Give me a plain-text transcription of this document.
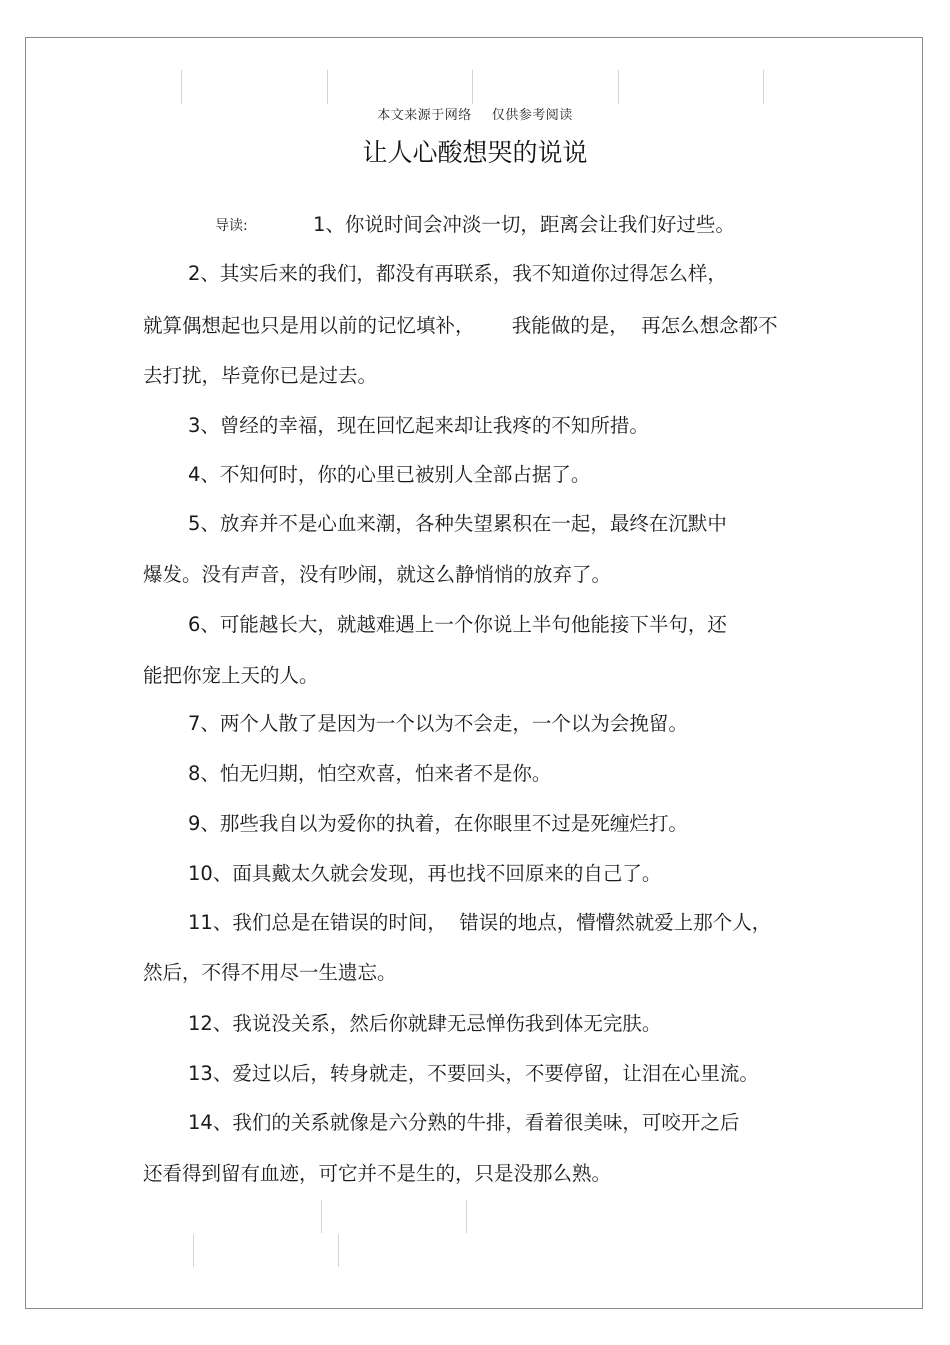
本文来源于网络 仅供参考阅读
让人心酸想哭的说说
导读:	1、你说时间会冲淡一切，距离会让我们好过些。
2、其实后来的我们，都没有再联系，我不知道你过得怎么样，
就算偶想起也只是用以前的记忆填补，      我能做的是，  再怎么想念都不
去打扰，毕竟你已是过去。
3、曾经的幸福，现在回忆起来却让我疼的不知所措。
4、不知何时，你的心里已被别人全部占据了。
5、放弃并不是心血来潮，各种失望累积在一起，最终在沉默中
爆发。没有声音，没有吵闹，就这么静悄悄的放弃了。
6、可能越长大，就越难遇上一个你说上半句他能接下半句，还
能把你宠上天的人。
7、两个人散了是因为一个以为不会走，一个以为会挽留。
8、怕无归期，怕空欢喜，怕来者不是你。
9、那些我自以为爱你的执着，在你眼里不过是死缠烂打。
10、面具戴太久就会发现，再也找不回原来的自己了。
11、我们总是在错误的时间，  错误的地点，懵懵然就爱上那个人，
然后，不得不用尽一生遗忘。
12、我说没关系，然后你就肆无忌惮伤我到体无完肤。
13、爱过以后，转身就走，不要回头，不要停留，让泪在心里流。
14、我们的关系就像是六分熟的牛排，看着很美味，可咬开之后
还看得到留有血迹，可它并不是生的，只是没那么熟。
